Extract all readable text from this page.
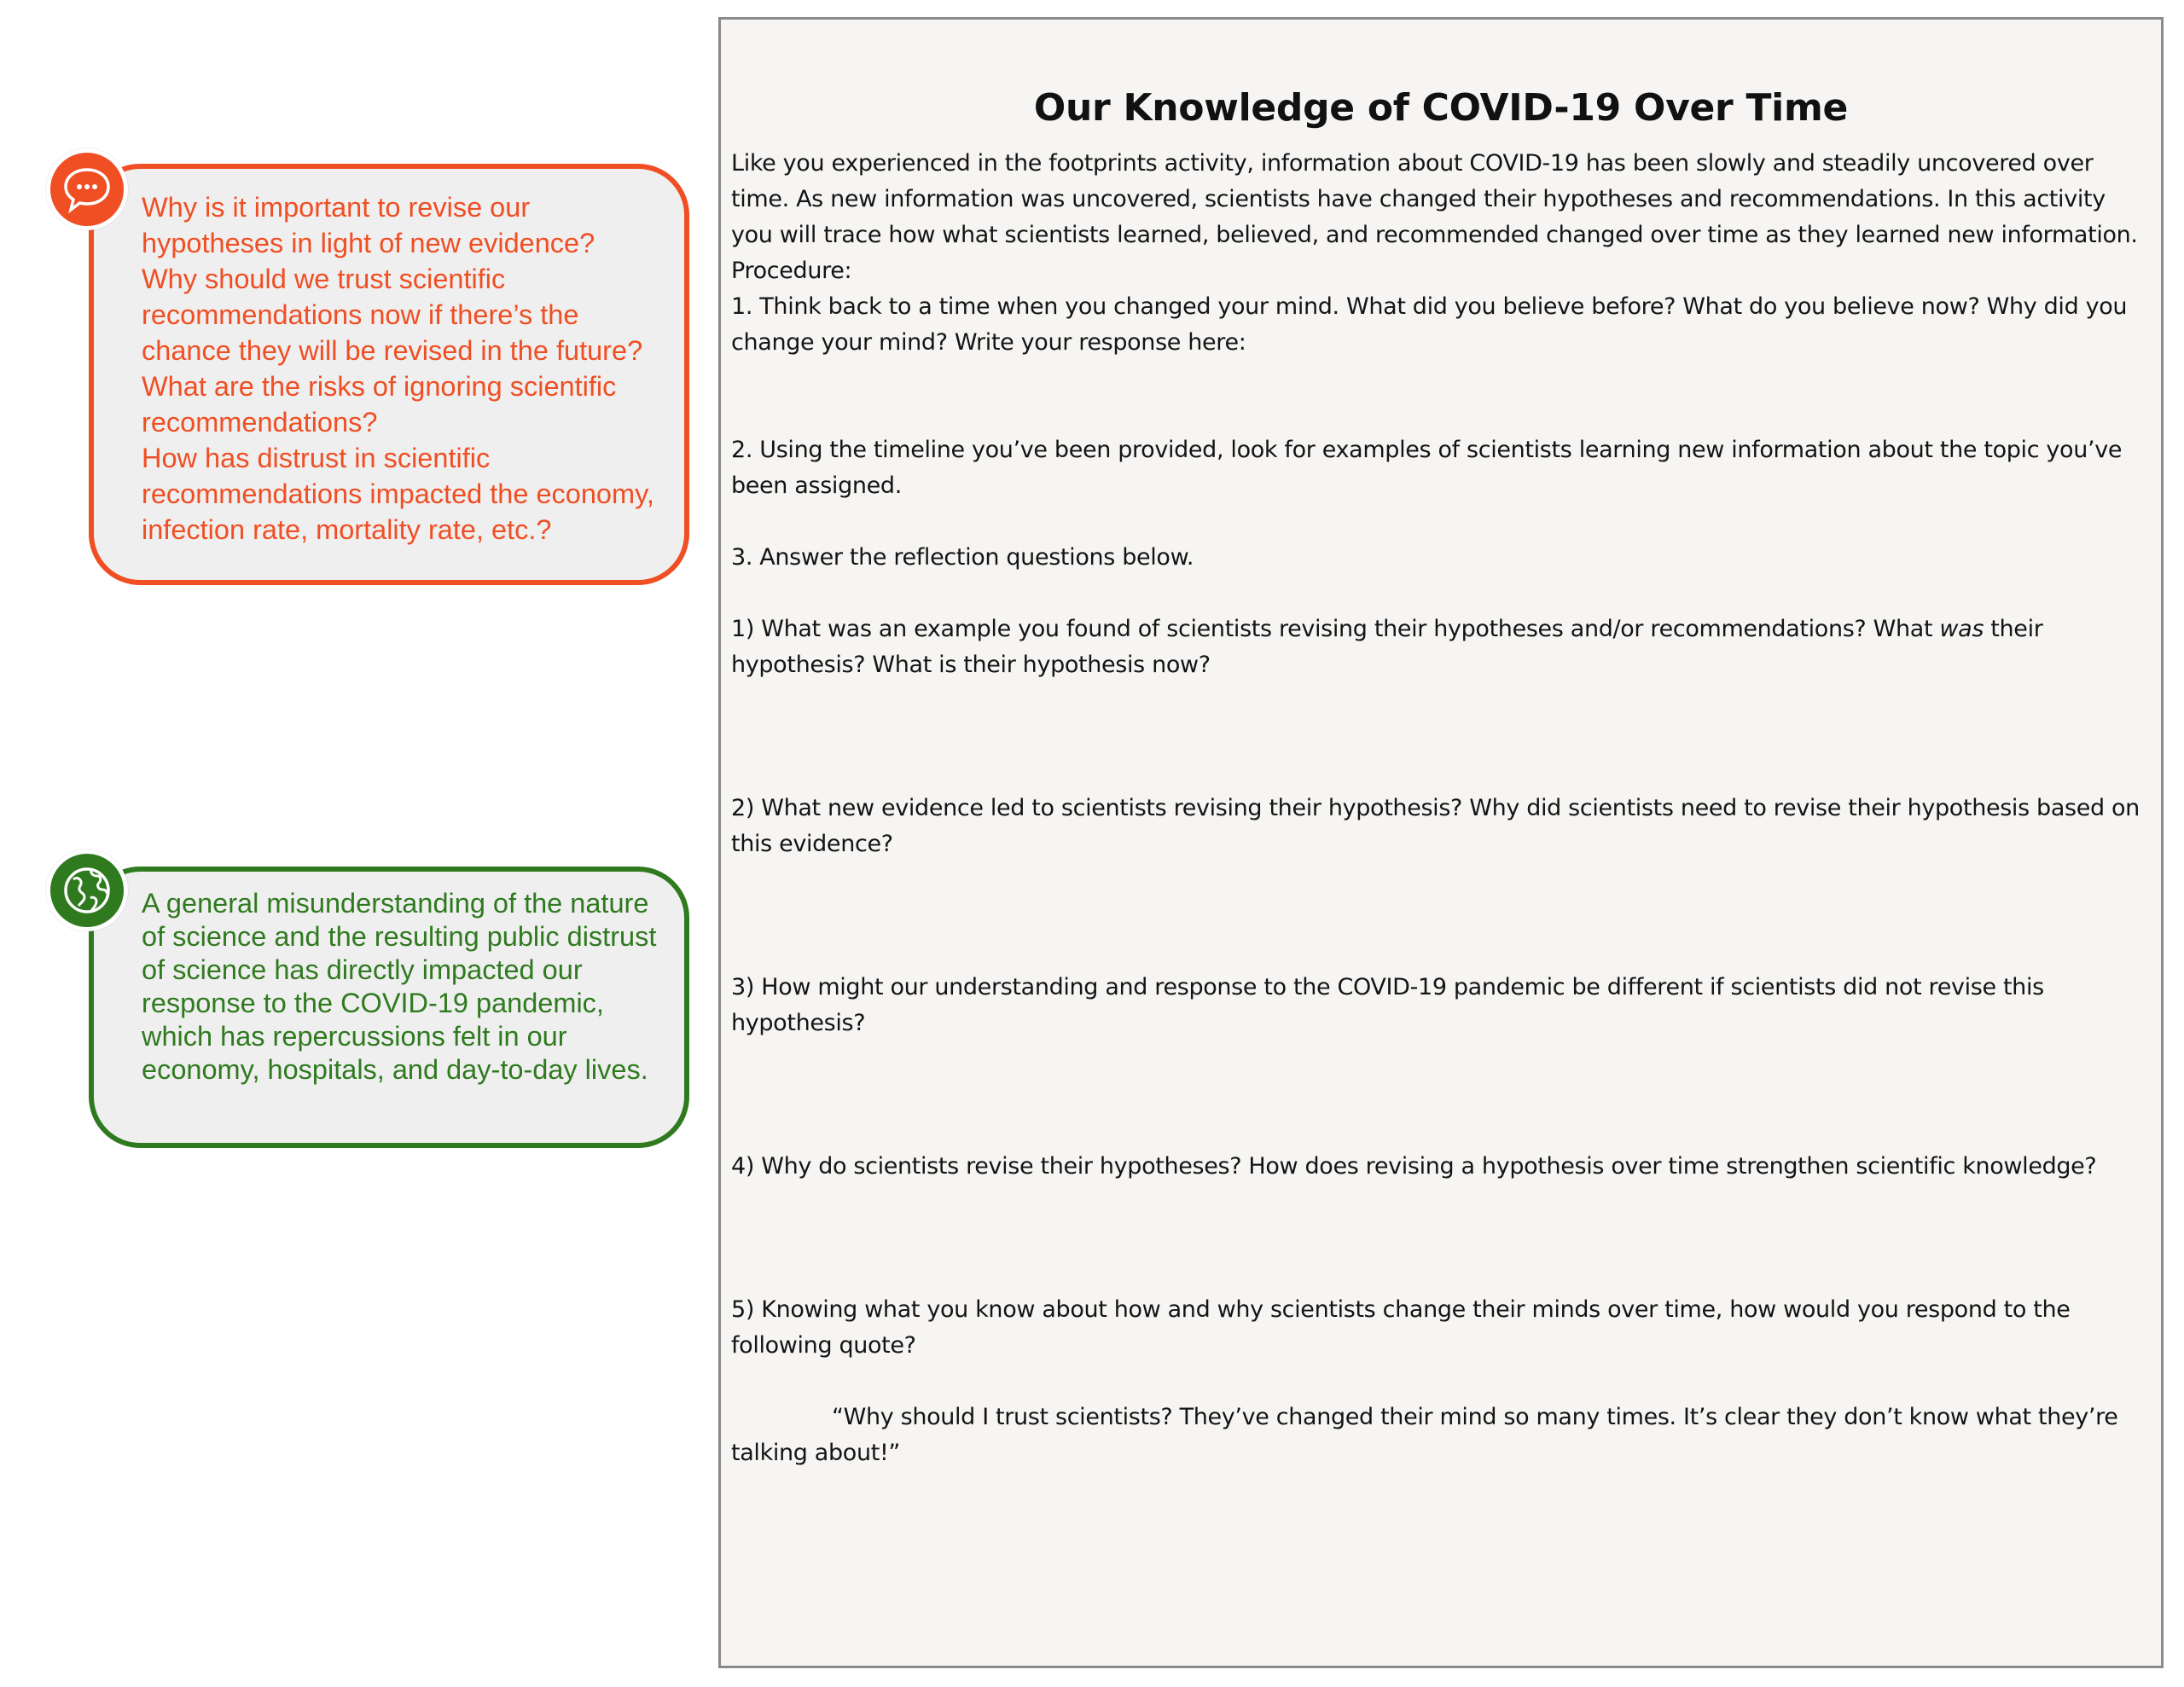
Why is it important to revise our hypotheses in light of new evidence?

Why should we trust scientific recommendations now if there’s the chance they will be revised in the future?

What are the risks of ignoring scientific recommendations?

How has distrust in scientific recommendations impacted the economy, infection rate, mortality rate, etc.?

A general misunderstanding of the nature of science and the resulting public distrust of science has directly impacted our response to the COVID-19 pandemic, which has repercussions felt in our economy, hospitals, and day-to-day lives.
Our Knowledge of COVID-19 Over Time

Like you experienced in the footprints activity, information about COVID-19 has been slowly and steadily uncovered over time. As new information was uncovered, scientists have changed their hypotheses and recommendations. In this activity you will trace how what scientists learned, believed, and recommended changed over time as they learned new information.

Procedure:

1. Think back to a time when you changed your mind. What did you believe before? What do you believe now? Why did you change your mind? Write your response here:

2. Using the timeline you’ve been provided, look for examples of scientists learning new information about the topic you’ve been assigned.

3. Answer the reflection questions below.

1) What was an example you found of scientists revising their hypotheses and/or recommendations? What was their hypothesis? What is their hypothesis now?

2) What new evidence led to scientists revising their hypothesis? Why did scientists need to revise their hypothesis based on this evidence?

3) How might our understanding and response to the COVID-19 pandemic be different if scientists did not revise this hypothesis?

4) Why do scientists revise their hypotheses? How does revising a hypothesis over time strengthen scientific knowledge?

5) Knowing what you know about how and why scientists change their minds over time, how would you respond to the following quote?

“Why should I trust scientists? They’ve changed their mind so many times. It’s clear they don’t know what they’re talking about!”
